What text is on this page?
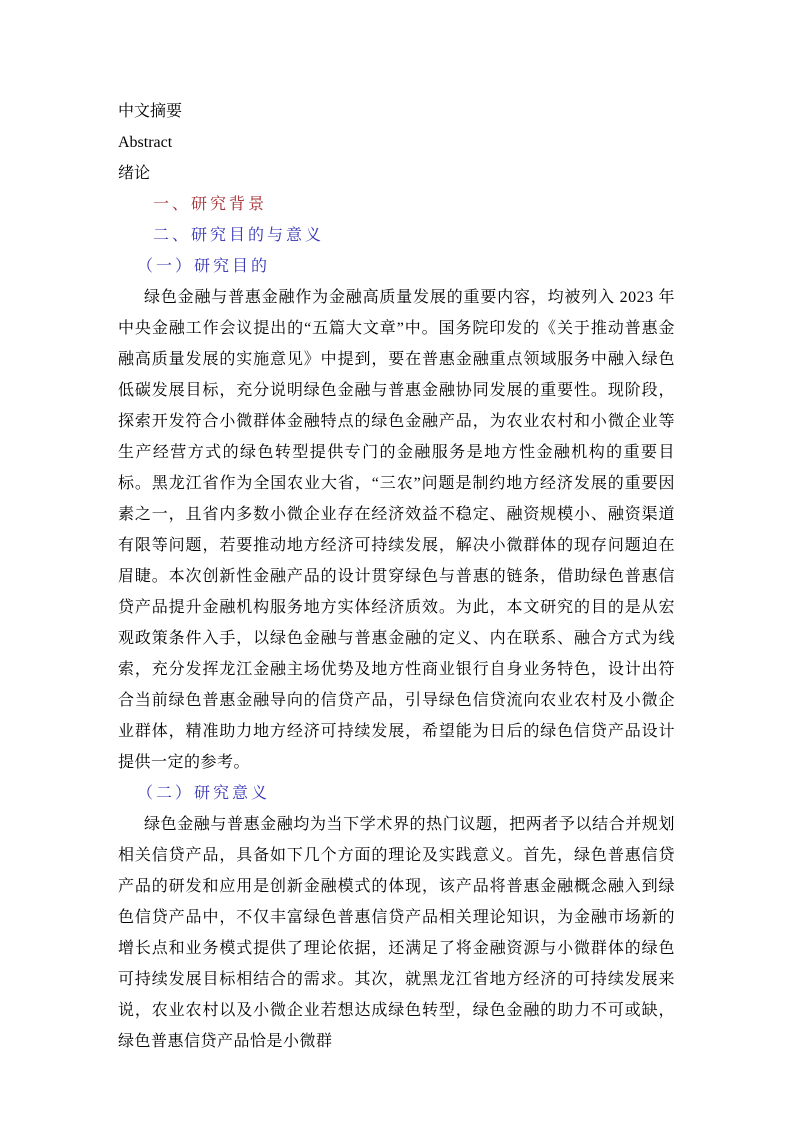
中文摘要
Abstract
绪论
一、研究背景
二、研究目的与意义
（一）研究目的

绿色金融与普惠金融作为金融高质量发展的重要内容，均被列入 2023 年中央金融工作会议提出的“五篇大文章”中。国务院印发的《关于推动普惠金融高质量发展的实施意见》中提到，要在普惠金融重点领域服务中融入绿色低碳发展目标，充分说明绿色金融与普惠金融协同发展的重要性。现阶段，探索开发符合小微群体金融特点的绿色金融产品，为农业农村和小微企业等生产经营方式的绿色转型提供专门的金融服务是地方性金融机构的重要目标。黑龙江省作为全国农业大省，“三农”问题是制约地方经济发展的重要因素之一，且省内多数小微企业存在经济效益不稳定、融资规模小、融资渠道有限等问题，若要推动地方经济可持续发展，解决小微群体的现存问题迫在眉睫。本次创新性金融产品的设计贯穿绿色与普惠的链条，借助绿色普惠信贷产品提升金融机构服务地方实体经济质效。为此，本文研究的目的是从宏观政策条件入手，以绿色金融与普惠金融的定义、内在联系、融合方式为线索，充分发挥龙江金融主场优势及地方性商业银行自身业务特色，设计出符合当前绿色普惠金融导向的信贷产品，引导绿色信贷流向农业农村及小微企业群体，精准助力地方经济可持续发展，希望能为日后的绿色信贷产品设计提供一定的参考。

（二）研究意义

绿色金融与普惠金融均为当下学术界的热门议题，把两者予以结合并规划相关信贷产品，具备如下几个方面的理论及实践意义。首先，绿色普惠信贷产品的研发和应用是创新金融模式的体现，该产品将普惠金融概念融入到绿色信贷产品中，不仅丰富绿色普惠信贷产品相关理论知识，为金融市场新的增长点和业务模式提供了理论依据，还满足了将金融资源与小微群体的绿色可持续发展目标相结合的需求。其次，就黑龙江省地方经济的可持续发展来说，农业农村以及小微企业若想达成绿色转型，绿色金融的助力不可或缺，绿色普惠信贷产品恰是小微群
